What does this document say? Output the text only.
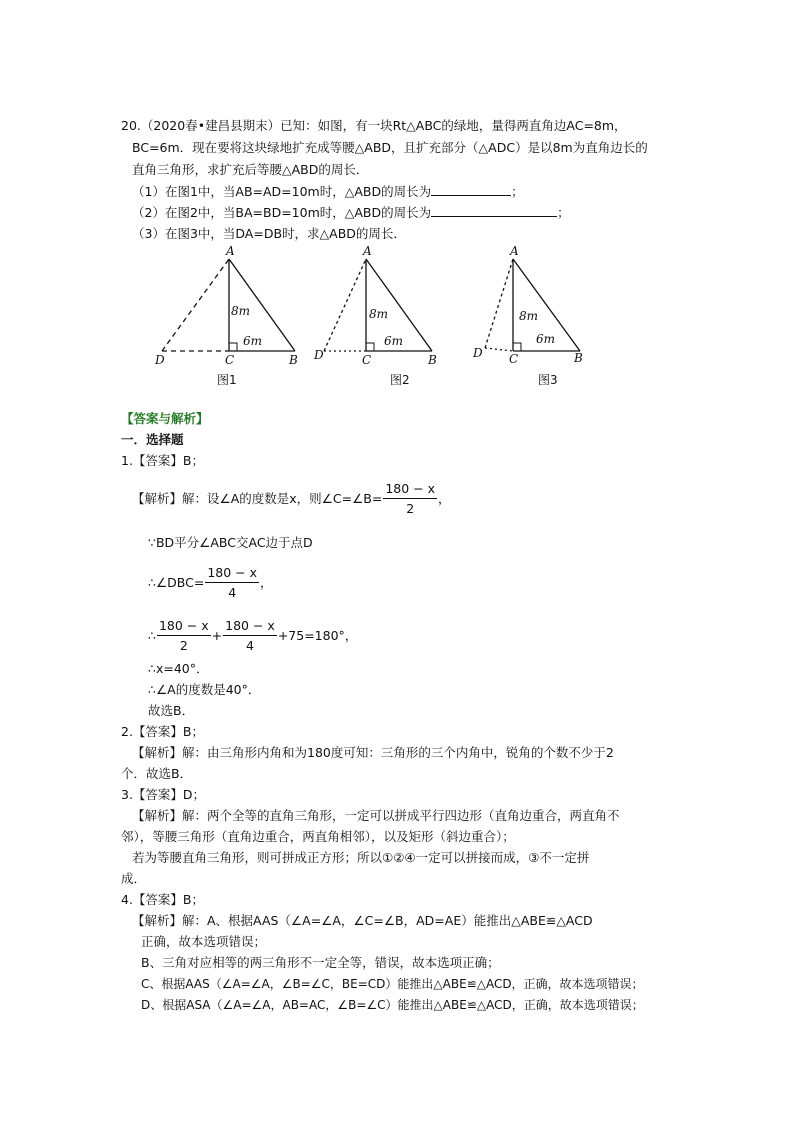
20.（2020春•建昌县期末）已知：如图，有一块Rt△ABC的绿地，量得两直角边AC=8m，
BC=6m．现在要将这块绿地扩充成等腰△ABD，且扩充部分（△ADC）是以8m为直角边长的
直角三角形，求扩充后等腰△ABD的周长．
（1）在图1中，当AB=AD=10m时，△ABD的周长为	；
（2）在图2中，当BA=BD=10m时，△ABD的周长为	；
（3）在图3中，当DA=DB时，求△ABD的周长．
A
B
C
D
8m
6m
图1
A
B
C
D
8m
6m
图2
A
B
C
D
8m
6m
图3
【答案与解析】
一．选择题
1.【答案】B；
【解析】解：设∠A的度数是x，则∠C=∠B= $\frac{180 - x}{2}$ ，
∵BD平分∠ABC交AC边于点D
∴∠DBC= $\frac{180 - x}{4}$ ，
∴ $\frac{180 - x}{2} + \frac{180 - x}{4} +75=180^\circ$，
∴x=40°．
∴∠A的度数是40°．
故选B．
2.【答案】B；
【解析】解：由三角形内角和为180度可知：三角形的三个内角中，锐角的个数不少于2
个．故选B．
3.【答案】D；
【解析】解：两个全等的直角三角形，一定可以拼成平行四边形（直角边重合，两直角不
邻），等腰三角形（直角边重合，两直角相邻），以及矩形（斜边重合）；
若为等腰直角三角形，则可拼成正方形；所以①②④一定可以拼接而成，③不一定拼
成．
4.【答案】B；
【解析】解：A、根据AAS（∠A=∠A，∠C=∠B，AD=AE）能推出△ABE≌△ACD
正确，故本选项错误；
B、三角对应相等的两三角形不一定全等，错误，故本选项正确；
C、根据AAS（∠A=∠A，∠B=∠C，BE=CD）能推出△ABE≌△ACD，正确，故本选项错误；
D、根据ASA（∠A=∠A，AB=AC，∠B=∠C）能推出△ABE≌△ACD，正确，故本选项错误；
